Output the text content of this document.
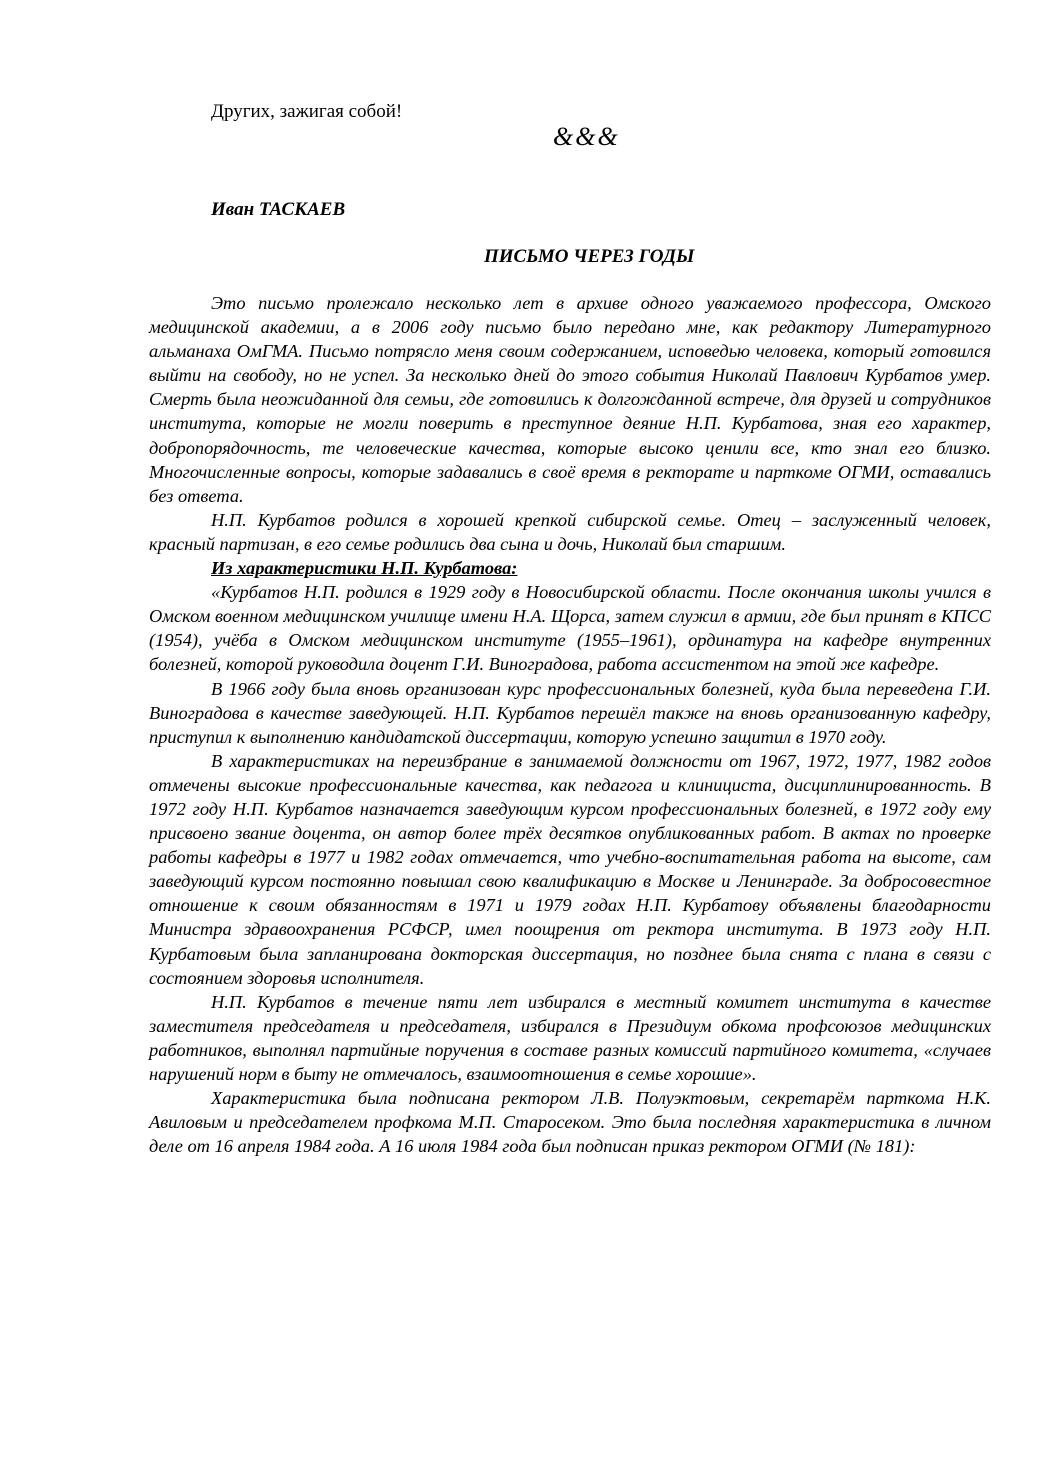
Других, зажигая собой!
&&&
Иван ТАСКАЕВ
ПИСЬМО ЧЕРЕЗ ГОДЫ

Это письмо пролежало несколько лет в архиве одного уважаемого профессора, Омского медицинской академии, а в 2006 году письмо было передано мне, как редактору Литературного альманаха ОмГМА. Письмо потрясло меня своим содержанием, исповедью человека, который готовился выйти на свободу, но не успел. За несколько дней до этого события Николай Павлович Курбатов умер. Смерть была неожиданной для семьи, где готовились к долгожданной встрече, для друзей и сотрудников института, которые не могли поверить в преступное деяние Н.П. Курбатова, зная его характер, добропорядочность, те человеческие качества, которые высоко ценили все, кто знал его близко. Многочисленные вопросы, которые задавались в своё время в ректорате и парткоме ОГМИ, оставались без ответа.

Н.П. Курбатов родился в хорошей крепкой сибирской семье. Отец – заслуженный человек, красный партизан, в его семье родились два сына и дочь, Николай был старшим.

Из характеристики Н.П. Курбатова:

«Курбатов Н.П. родился в 1929 году в Новосибирской области. После окончания школы учился в Омском военном медицинском училище имени Н.А. Щорса, затем служил в армии, где был принят в КПСС (1954), учёба в Омском медицинском институте (1955–1961), ординатура на кафедре внутренних болезней, которой руководила доцент Г.И. Виноградова, работа ассистентом на этой же кафедре.

В 1966 году была вновь организован курс профессиональных болезней, куда была переведена Г.И. Виноградова в качестве заведующей. Н.П. Курбатов перешёл также на вновь организованную кафедру, приступил к выполнению кандидатской диссертации, которую успешно защитил в 1970 году.

В характеристиках на переизбрание в занимаемой должности от 1967, 1972, 1977, 1982 годов отмечены высокие профессиональные качества, как педагога и клинициста, дисциплинированность. В 1972 году Н.П. Курбатов назначается заведующим курсом профессиональных болезней, в 1972 году ему присвоено звание доцента, он автор более трёх десятков опубликованных работ. В актах по проверке работы кафедры в 1977 и 1982 годах отмечается, что учебно-воспитательная работа на высоте, сам заведующий курсом постоянно повышал свою квалификацию в Москве и Ленинграде. За добросовестное отношение к своим обязанностям в 1971 и 1979 годах Н.П. Курбатову объявлены благодарности Министра здравоохранения РСФСР, имел поощрения от ректора института. В 1973 году Н.П. Курбатовым была запланирована докторская диссертация, но позднее была снята с плана в связи с состоянием здоровья исполнителя.

Н.П. Курбатов в течение пяти лет избирался в местный комитет института в качестве заместителя председателя и председателя, избирался в Президиум обкома профсоюзов медицинских работников, выполнял партийные поручения в составе разных комиссий партийного комитета, «случаев нарушений норм в быту не отмечалось, взаимоотношения в семье хорошие».

Характеристика была подписана ректором Л.В. Полуэктовым, секретарём парткома Н.К. Авиловым и председателем профкома М.П. Старосеком. Это была последняя характеристика в личном деле от 16 апреля 1984 года. А 16 июля 1984 года был подписан приказ ректором ОГМИ (№ 181):
